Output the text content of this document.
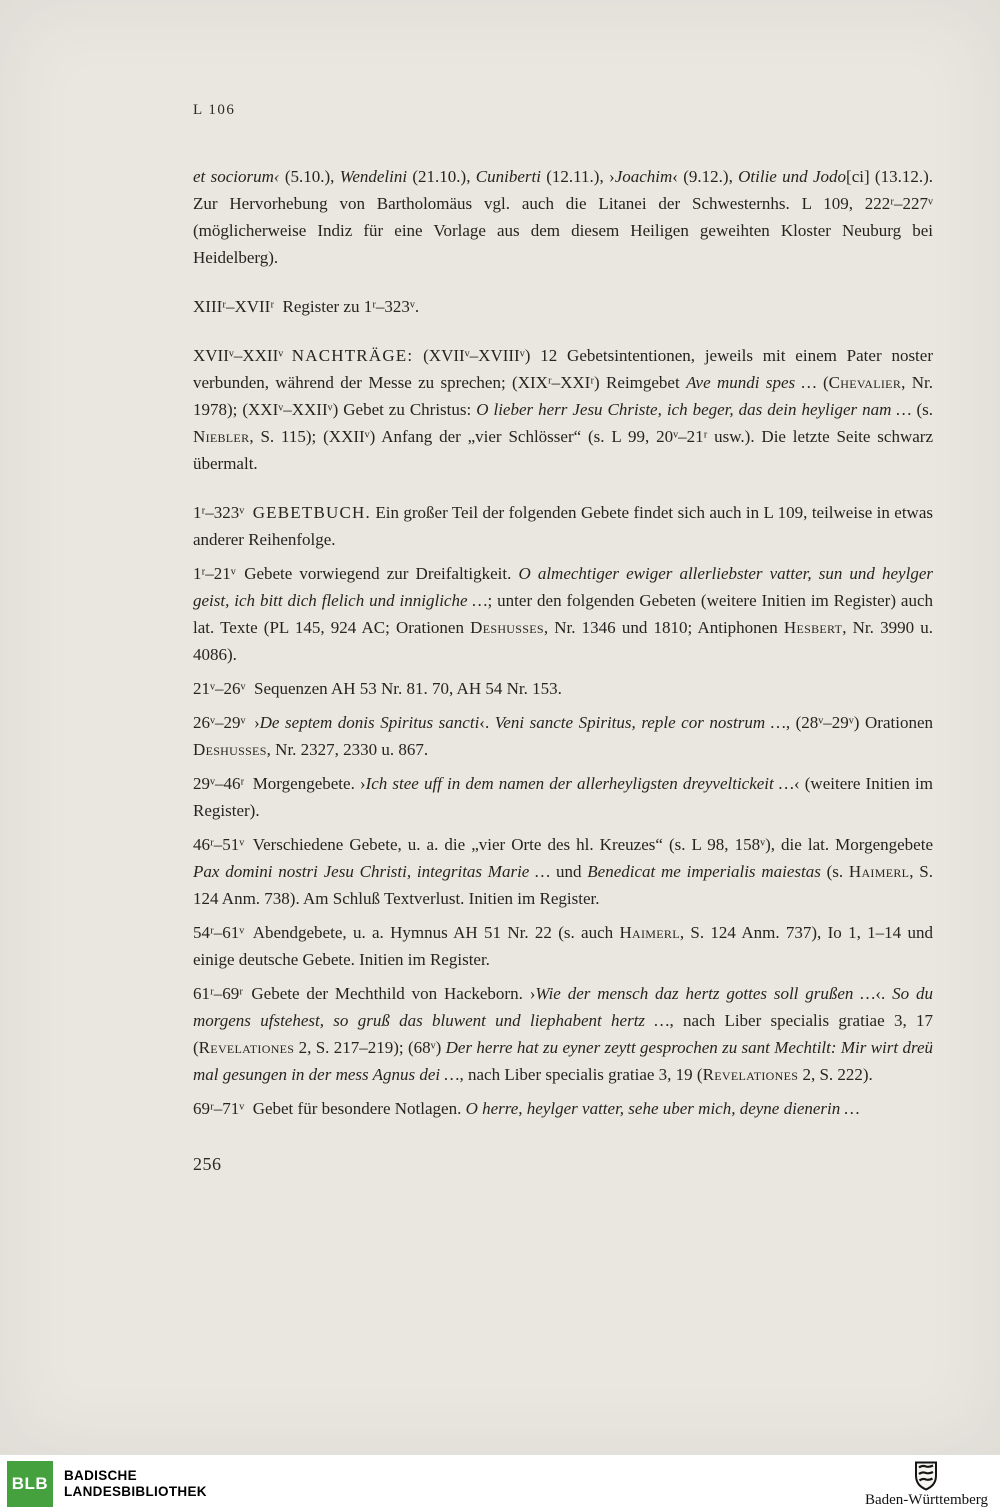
L 106

et sociorum‹ (5.10.), Wendelini (21.10.), Cuniberti (12.11.), ›Joachim‹ (9.12.), Otilie und Jodo[ci] (13.12.). Zur Hervorhebung von Bartholomäus vgl. auch die Litanei der Schwesternhs. L 109, 222ʳ–227ᵛ (möglicherweise Indiz für eine Vorlage aus dem diesem Heiligen geweihten Kloster Neuburg bei Heidelberg).

XIIIʳ–XVIIʳ Register zu 1ʳ–323ᵛ.

XVIIᵛ–XXIIᵛ NACHTRÄGE: (XVIIᵛ–XVIIIᵛ) 12 Gebetsintentionen, jeweils mit einem Pater noster verbunden, während der Messe zu sprechen; (XIXʳ–XXIʳ) Reimgebet Ave mundi spes … (Chevalier, Nr. 1978); (XXIᵛ–XXIIᵛ) Gebet zu Christus: O lieber herr Jesu Christe, ich beger, das dein heyliger nam … (s. Niebler, S. 115); (XXIIᵛ) Anfang der „vier Schlösser“ (s. L 99, 20ᵛ–21ʳ usw.). Die letzte Seite schwarz übermalt.

1ʳ–323ᵛ GEBETBUCH. Ein großer Teil der folgenden Gebete findet sich auch in L 109, teilweise in etwas anderer Reihenfolge.

1ʳ–21ᵛ Gebete vorwiegend zur Dreifaltigkeit. O almechtiger ewiger allerliebster vatter, sun und heylger geist, ich bitt dich flelich und innigliche …; unter den folgenden Gebeten (weitere Initien im Register) auch lat. Texte (PL 145, 924 AC; Orationen Deshusses, Nr. 1346 und 1810; Antiphonen Hesbert, Nr. 3990 u. 4086).

21ᵛ–26ᵛ Sequenzen AH 53 Nr. 81. 70, AH 54 Nr. 153.

26ᵛ–29ᵛ ›De septem donis Spiritus sancti‹. Veni sancte Spiritus, reple cor nostrum …, (28ᵛ–29ᵛ) Orationen Deshusses, Nr. 2327, 2330 u. 867.

29ᵛ–46ʳ Morgengebete. ›Ich stee uff in dem namen der allerheyligsten dreyveltickeit …‹ (weitere Initien im Register).

46ʳ–51ᵛ Verschiedene Gebete, u. a. die „vier Orte des hl. Kreuzes“ (s. L 98, 158ᵛ), die lat. Morgengebete Pax domini nostri Jesu Christi, integritas Marie … und Benedicat me imperialis maiestas (s. Haimerl, S. 124 Anm. 738). Am Schluß Textverlust. Initien im Register.

54ʳ–61ᵛ Abendgebete, u. a. Hymnus AH 51 Nr. 22 (s. auch Haimerl, S. 124 Anm. 737), Io 1, 1–14 und einige deutsche Gebete. Initien im Register.

61ʳ–69ʳ Gebete der Mechthild von Hackeborn. ›Wie der mensch daz hertz gottes soll grußen …‹. So du morgens ufstehest, so gruß das bluwent und liephabent hertz …, nach Liber specialis gratiae 3, 17 (Revelationes 2, S. 217–219); (68ᵛ) Der herre hat zu eyner zeytt gesprochen zu sant Mechtilt: Mir wirt dreü mal gesungen in der mess Agnus dei …, nach Liber specialis gratiae 3, 19 (Revelationes 2, S. 222).

69ʳ–71ᵛ Gebet für besondere Notlagen. O herre, heylger vatter, sehe uber mich, deyne dienerin …

256
BLB BADISCHE
LANDESBIBLIOTHEK
Baden-Württemberg
